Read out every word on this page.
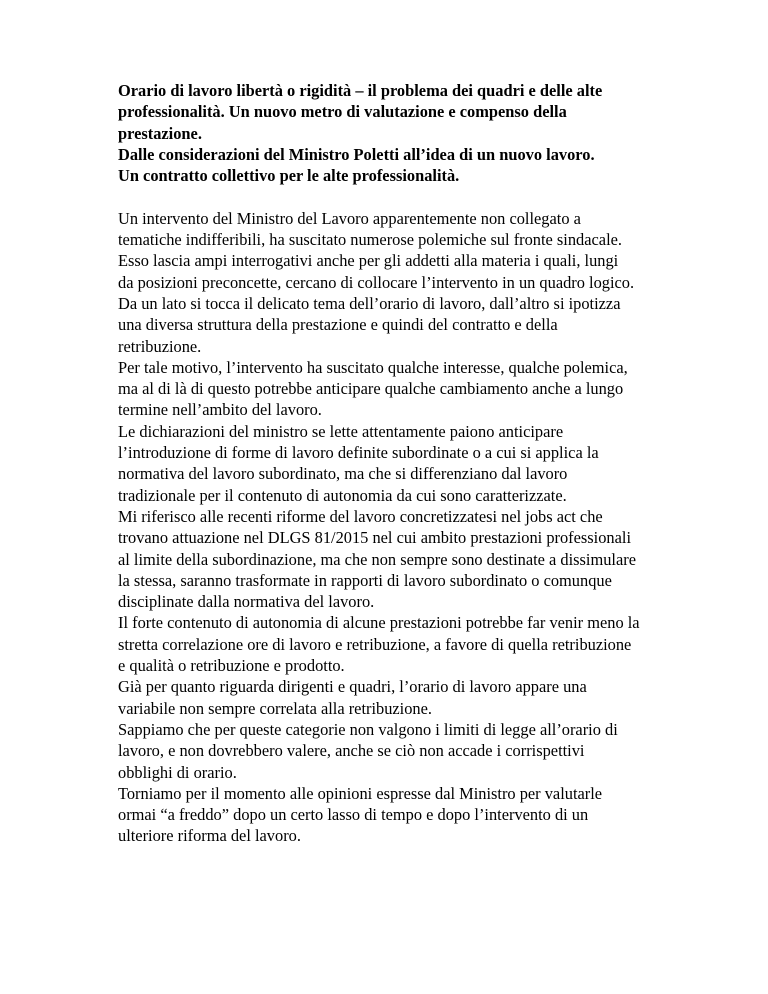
Orario di lavoro libertà o rigidità – il problema dei quadri e delle alte
professionalità. Un nuovo metro di valutazione e compenso della
prestazione.
Dalle considerazioni del Ministro Poletti all’idea di un nuovo lavoro.
Un contratto collettivo per le alte professionalità.
Un intervento del Ministro del Lavoro apparentemente non collegato a
tematiche indifferibili, ha suscitato numerose polemiche sul fronte sindacale.
Esso lascia ampi interrogativi anche per gli addetti alla materia i quali, lungi
da posizioni preconcette, cercano di collocare l’intervento in un quadro logico.
Da un lato si tocca il delicato tema dell’orario di lavoro, dall’altro si ipotizza
una diversa struttura della prestazione e quindi del contratto e della
retribuzione.
Per tale motivo, l’intervento ha suscitato qualche interesse, qualche polemica,
ma al di là di questo potrebbe anticipare qualche cambiamento anche a lungo
termine nell’ambito del lavoro.
Le dichiarazioni del ministro se lette attentamente paiono anticipare
l’introduzione di forme di lavoro definite subordinate o a cui si applica la
normativa del lavoro subordinato, ma che si differenziano dal lavoro
tradizionale per il contenuto di autonomia da cui sono caratterizzate.
Mi riferisco alle recenti riforme del lavoro concretizzatesi nel jobs act che
trovano attuazione nel DLGS 81/2015 nel cui ambito prestazioni professionali
al limite della subordinazione, ma che non sempre sono destinate a dissimulare
la stessa, saranno trasformate in rapporti di lavoro subordinato o comunque
disciplinate dalla normativa del lavoro.
Il forte contenuto di autonomia di alcune prestazioni potrebbe far venir meno la
stretta correlazione ore di lavoro e retribuzione, a favore di quella retribuzione
e qualità o retribuzione e prodotto.
Già per quanto riguarda dirigenti e quadri, l’orario di lavoro appare una
variabile non sempre correlata alla retribuzione.
Sappiamo che per queste categorie non valgono i limiti di legge all’orario di
lavoro, e non dovrebbero valere, anche se ciò non accade i corrispettivi
obblighi di orario.
Torniamo per il momento alle opinioni espresse dal Ministro per valutarle
ormai “a freddo” dopo un certo lasso di tempo e dopo l’intervento di un
ulteriore riforma del lavoro.
